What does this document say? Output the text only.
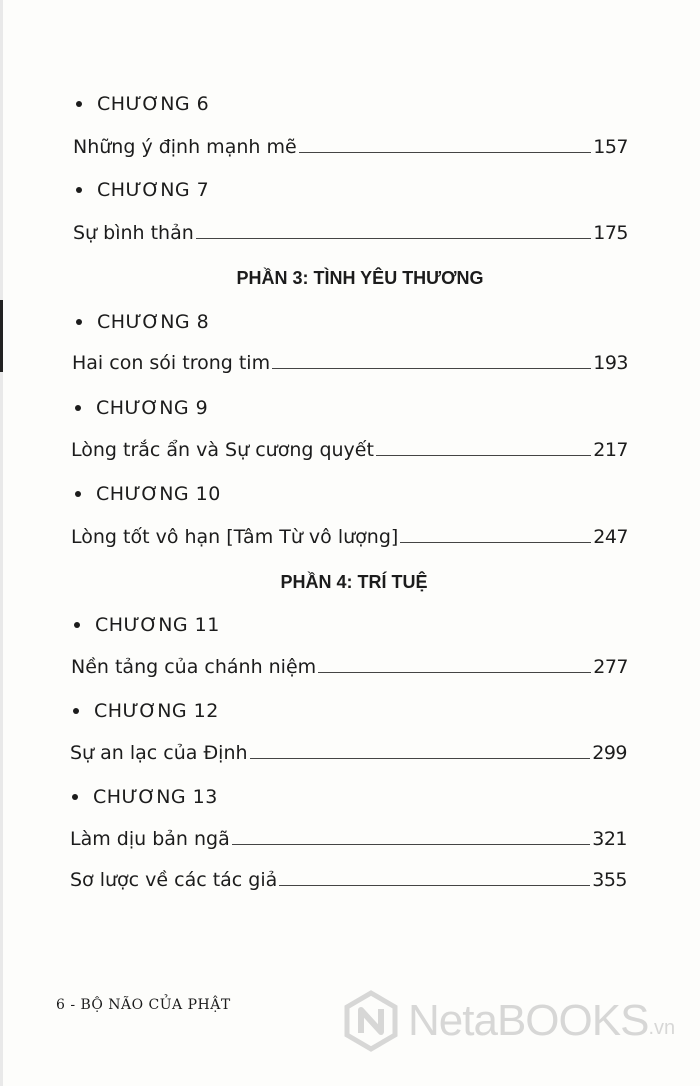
CHƯƠNG 6
Những ý định mạnh mẽ	157
CHƯƠNG 7
Sự bình thản	175
PHẦN 3: TÌNH YÊU THƯƠNG
CHƯƠNG 8
Hai con sói trong tim	193
CHƯƠNG 9
Lòng trắc ẩn và Sự cương quyết	217
CHƯƠNG 10
Lòng tốt vô hạn [Tâm Từ vô lượng]	247
PHẦN 4: TRÍ TUỆ
CHƯƠNG 11
Nền tảng của chánh niệm	277
CHƯƠNG 12
Sự an lạc của Định	299
CHƯƠNG 13
Làm dịu bản ngã	321
Sơ lược về các tác giả	355
6 - BỘ NÃO CỦA PHẬT	NetaBOOKS .vn
